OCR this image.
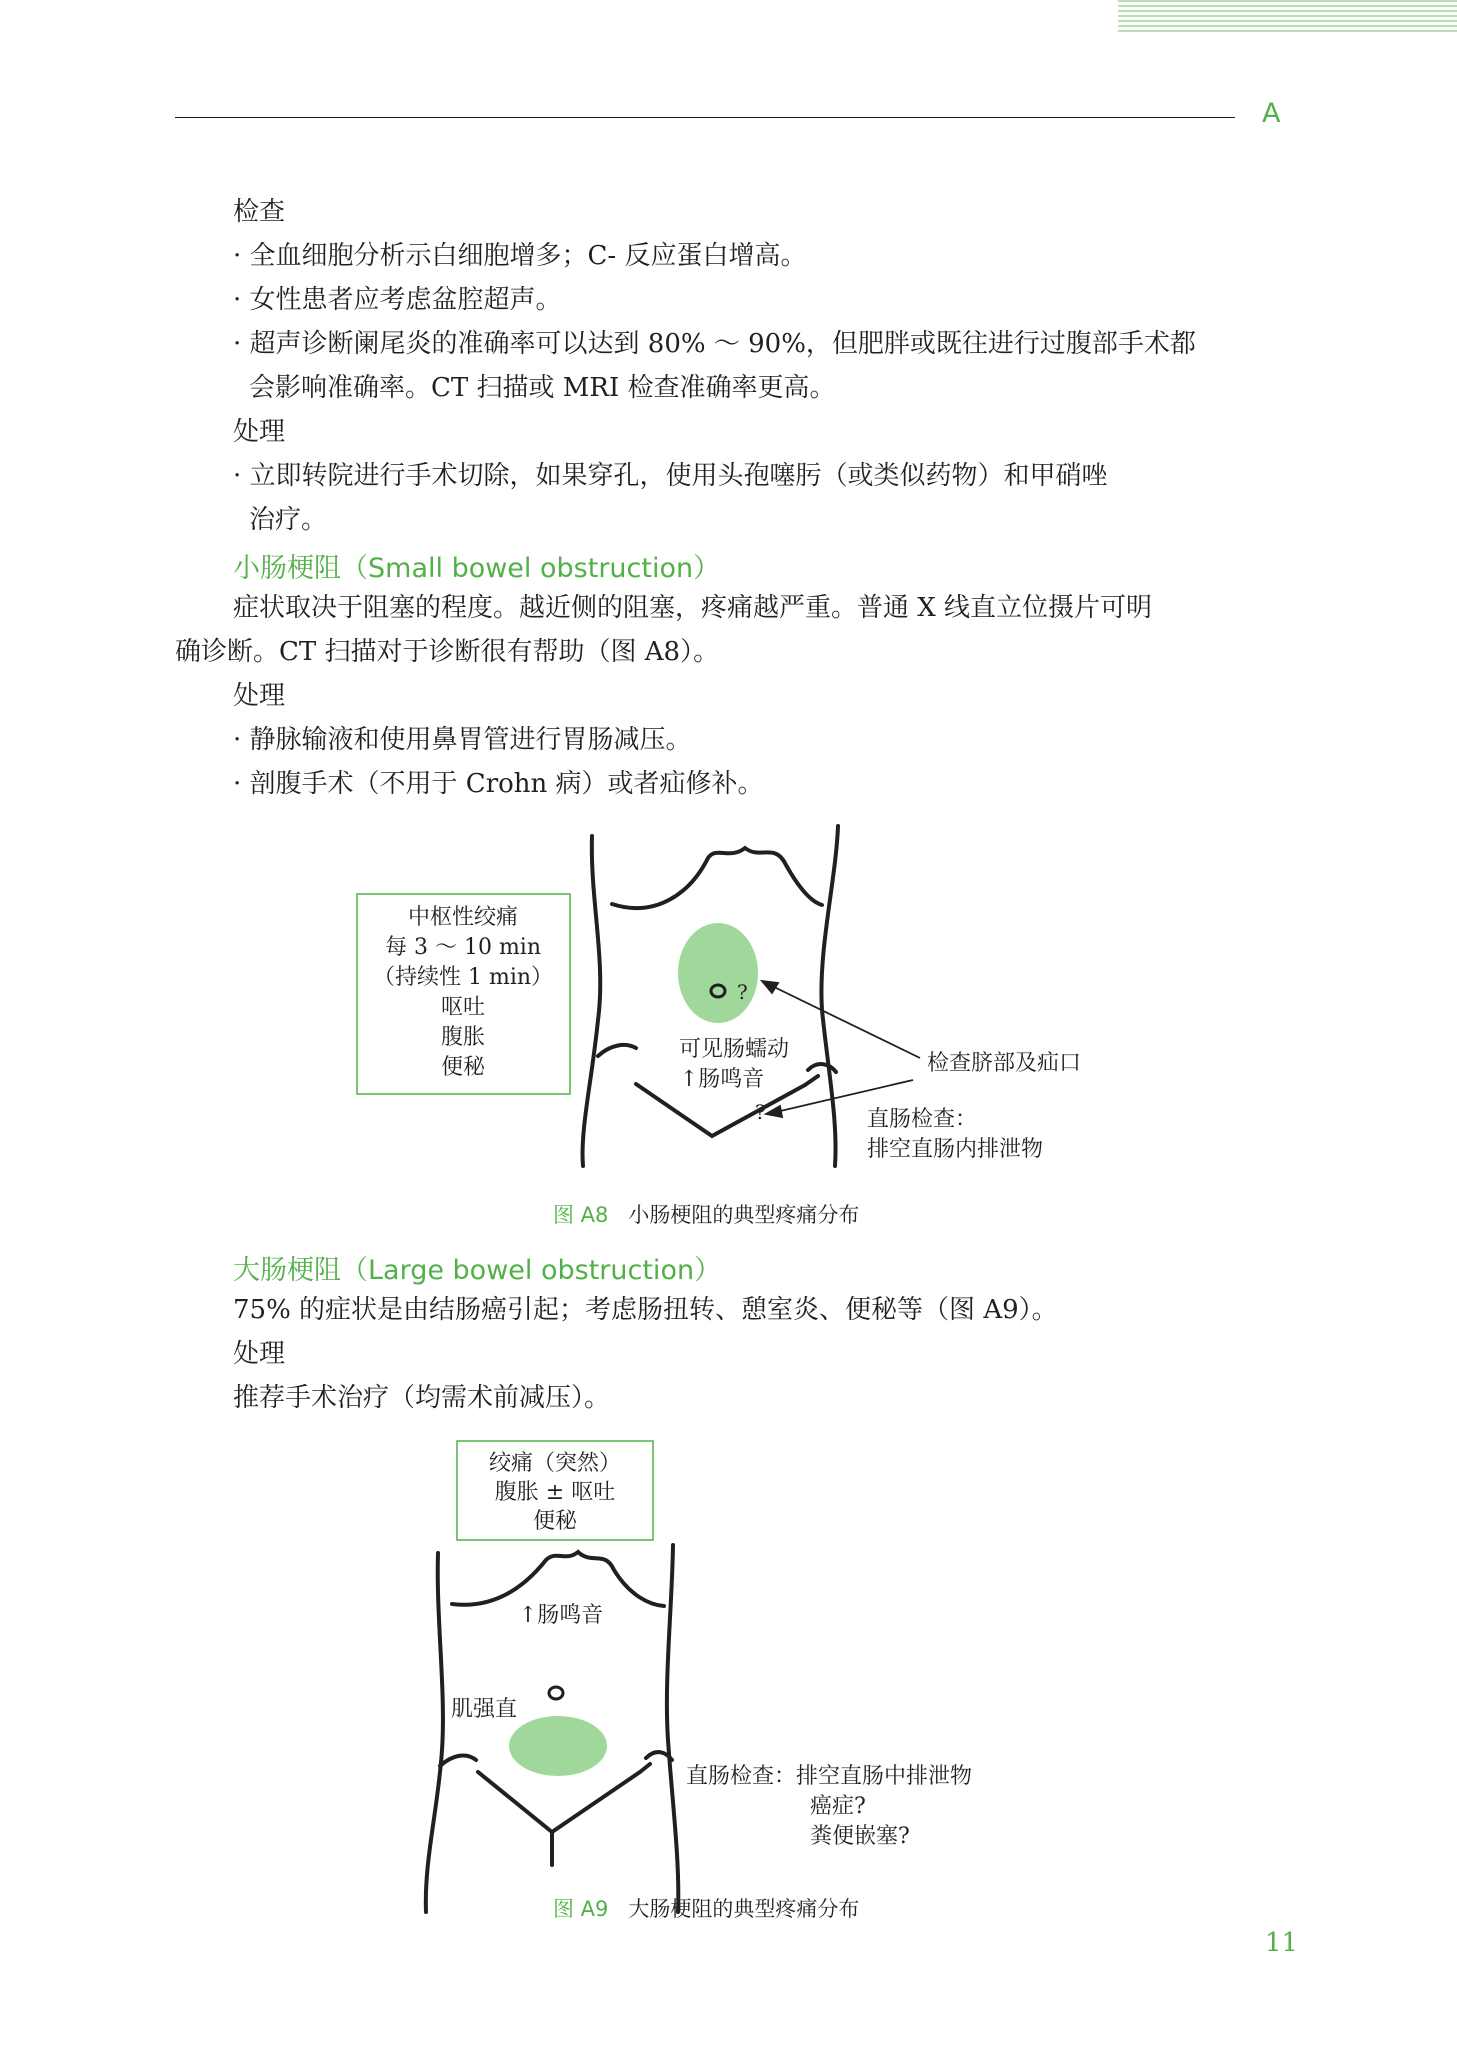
A
检查
· 全血细胞分析示白细胞增多；C- 反应蛋白增高。
· 女性患者应考虑盆腔超声。
· 超声诊断阑尾炎的准确率可以达到 80% ～ 90%，但肥胖或既往进行过腹部手术都
会影响准确率。CT 扫描或 MRI 检查准确率更高。
处理
· 立即转院进行手术切除，如果穿孔，使用头孢噻肟（或类似药物）和甲硝唑
治疗。
小肠梗阻（Small bowel obstruction）
症状取决于阻塞的程度。越近侧的阻塞，疼痛越严重。普通 X 线直立位摄片可明
确诊断。CT 扫描对于诊断很有帮助（图 A8）。
处理
· 静脉输液和使用鼻胃管进行胃肠减压。
· 剖腹手术（不用于 Crohn 病）或者疝修补。
中枢性绞痛
每 3 ～ 10 min
（持续性 1 min）
呕吐
腹胀
便秘
?
?
可见肠蠕动
↑肠鸣音
检查脐部及疝口
直肠检查：
排空直肠内排泄物
图 A8 小肠梗阻的典型疼痛分布
大肠梗阻（Large bowel obstruction）
75% 的症状是由结肠癌引起；考虑肠扭转、憩室炎、便秘等（图 A9）。
处理
推荐手术治疗（均需术前减压）。
绞痛（突然）
腹胀 ± 呕吐
便秘
↑肠鸣音
肌强直
直肠检查：排空直肠中排泄物
癌症?
粪便嵌塞?
图 A9 大肠梗阻的典型疼痛分布
11
